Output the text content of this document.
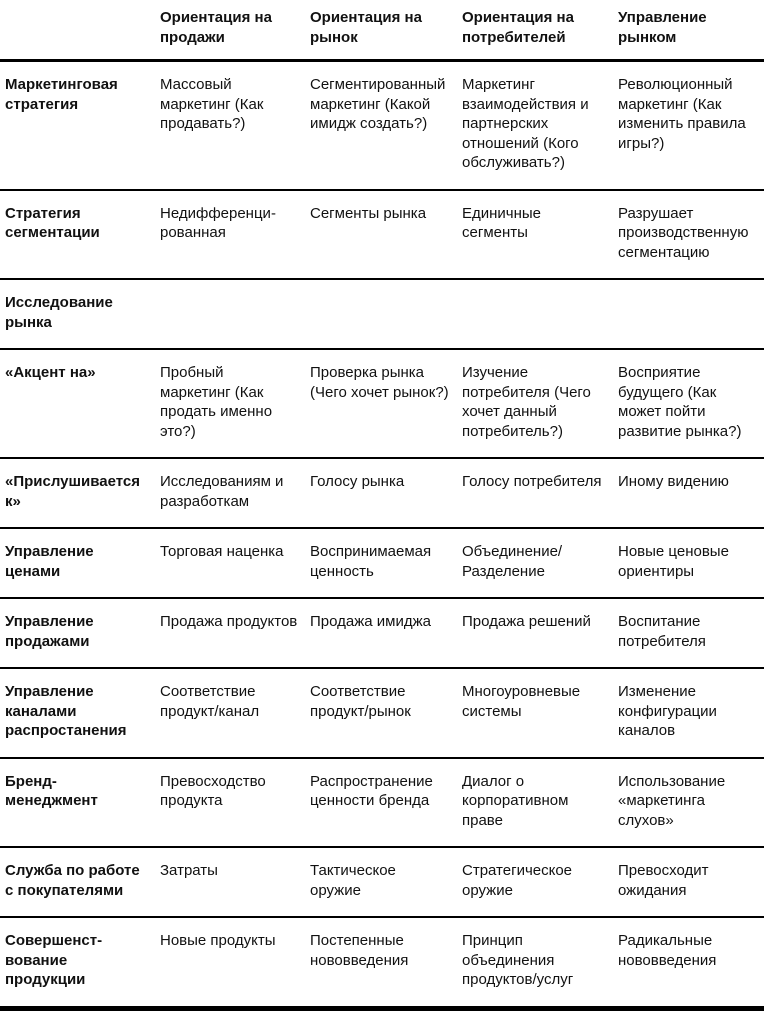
	Ориентация на продажи	Ориентация на рынок	Ориентация на потребителей	Управление рынком
Маркетинговая стратегия	Массовый маркетинг (Как продавать?)	Сегментированный маркетинг (Какой имидж создать?)	Маркетинг взаимодействия и партнерских отношений (Кого обслуживать?)	Революционный маркетинг (Как изменить правила игры?)
Стратегия сегментации	Недифференцированная	Сегменты рынка	Единичные сегменты	Разрушает производственную сегментацию
Исследование рынка				
«Акцент на»	Пробный маркетинг (Как продать именно это?)	Проверка рынка (Чего хочет рынок?)	Изучение потребителя (Чего хочет данный потребитель?)	Восприятие будущего (Как может пойти развитие рынка?)
«Прислушивается к»	Исследованиям и разработкам	Голосу рынка	Голосу потребителя	Иному видению
Управление ценами	Торговая наценка	Воспринимаемая ценность	Объединение/Разделение	Новые ценовые ориентиры
Управление продажами	Продажа продуктов	Продажа имиджа	Продажа решений	Воспитание потребителя
Управление каналами распростанения	Соответствие продукт/канал	Соответствие продукт/рынок	Многоуровневые системы	Изменение конфигурации каналов
Бренд-менеджмент	Превосходство продукта	Распространение ценности бренда	Диалог о корпоративном праве	Использование «маркетинга слухов»
Служба по работе с покупателями	Затраты	Тактическое оружие	Стратегическое оружие	Превосходит ожидания
Совершенствование продукции	Новые продукты	Постепенные нововведения	Принцип объединения продуктов/услуг	Радикальные нововведения
